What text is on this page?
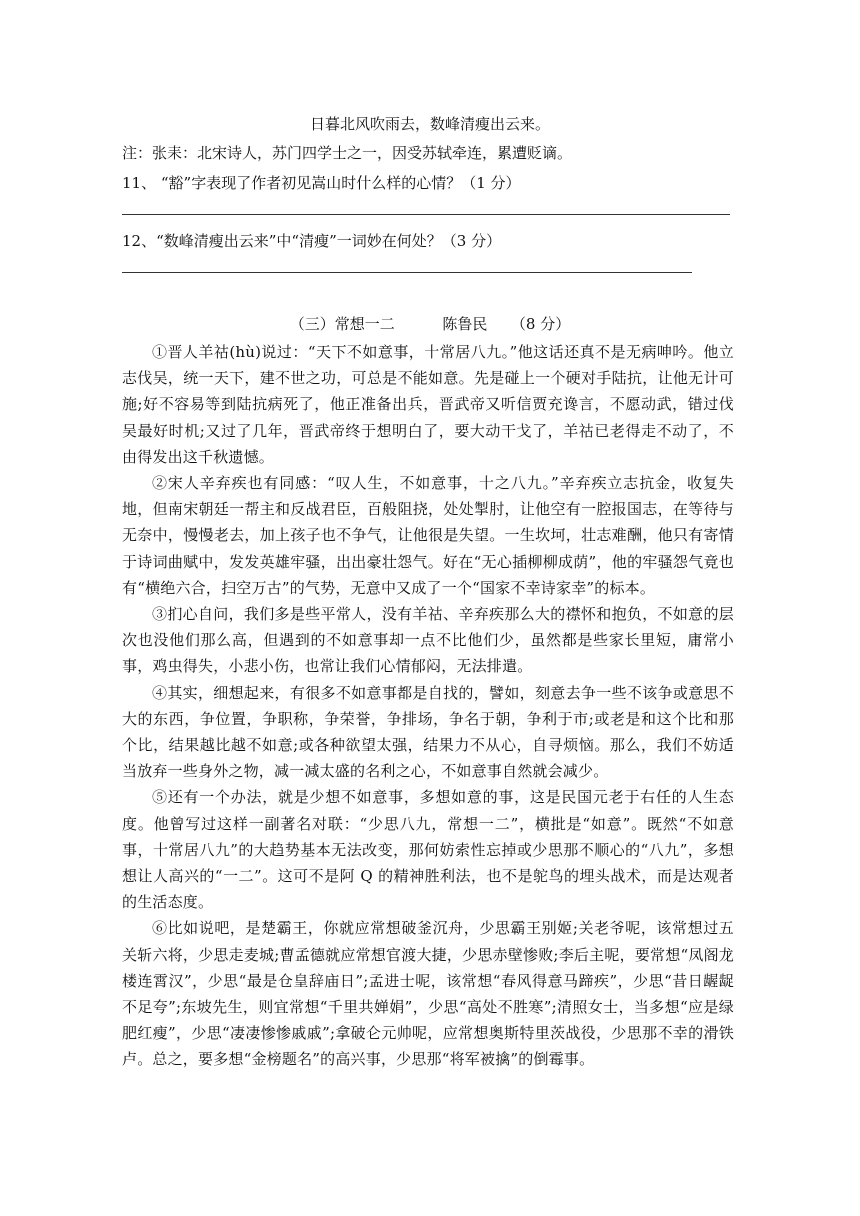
日暮北风吹雨去，数峰清瘦出云来。
注：张耒：北宋诗人，苏门四学士之一，因受苏轼牵连，累遭贬谪。
11、 “豁”字表现了作者初见嵩山时什么样的心情？（1 分）
12、“数峰清瘦出云来”中“清瘦”一词妙在何处？（3 分）
（三）常想一二	陈鲁民 （8 分）

①晋人羊祜(hù)说过：“天下不如意事，十常居八九。”他这话还真不是无病呻吟。他立志伐吴，统一天下，建不世之功，可总是不能如意。先是碰上一个硬对手陆抗，让他无计可施;好不容易等到陆抗病死了，他正准备出兵，晋武帝又听信贾充谗言，不愿动武，错过伐吴最好时机;又过了几年，晋武帝终于想明白了，要大动干戈了，羊祜已老得走不动了，不由得发出这千秋遗憾。

②宋人辛弃疾也有同感：“叹人生，不如意事，十之八九。”辛弃疾立志抗金，收复失地，但南宋朝廷一帮主和反战君臣，百般阻挠，处处掣肘，让他空有一腔报国志，在等待与无奈中，慢慢老去，加上孩子也不争气，让他很是失望。一生坎坷，壮志难酬，他只有寄情于诗词曲赋中，发发英雄牢骚，出出豪壮怨气。好在“无心插柳柳成荫”，他的牢骚怨气竟也有“横绝六合，扫空万古”的气势，无意中又成了一个“国家不幸诗家幸”的标本。

③扪心自问，我们多是些平常人，没有羊祜、辛弃疾那么大的襟怀和抱负，不如意的层次也没他们那么高，但遇到的不如意事却一点不比他们少，虽然都是些家长里短，庸常小事，鸡虫得失，小悲小伤，也常让我们心情郁闷，无法排遣。

④其实，细想起来，有很多不如意事都是自找的，譬如，刻意去争一些不该争或意思不大的东西，争位置，争职称，争荣誉，争排场，争名于朝，争利于市;或老是和这个比和那个比，结果越比越不如意;或各种欲望太强，结果力不从心，自寻烦恼。那么，我们不妨适当放弃一些身外之物，减一减太盛的名利之心，不如意事自然就会减少。

⑤还有一个办法，就是少想不如意事，多想如意的事，这是民国元老于右任的人生态度。他曾写过这样一副著名对联：“少思八九，常想一二”，横批是“如意”。既然“不如意事，十常居八九”的大趋势基本无法改变，那何妨索性忘掉或少思那不顺心的“八九”，多想想让人高兴的“一二”。这可不是阿 Q 的精神胜利法，也不是鸵鸟的埋头战术，而是达观者的生活态度。

⑥比如说吧，是楚霸王，你就应常想破釜沉舟，少思霸王别姬;关老爷呢，该常想过五关斩六将，少思走麦城;曹孟德就应常想官渡大捷，少思赤壁惨败;李后主呢，要常想“凤阁龙楼连霄汉”，少思“最是仓皇辞庙日”;孟进士呢，该常想“春风得意马蹄疾”，少思“昔日龌龊不足夸”;东坡先生，则宜常想“千里共婵娟”，少思“高处不胜寒”;清照女士，当多想“应是绿肥红瘦”，少思“凄凄惨惨戚戚”;拿破仑元帅呢，应常想奥斯特里茨战役，少思那不幸的滑铁卢。总之，要多想“金榜题名”的高兴事，少思那“将军被擒”的倒霉事。
